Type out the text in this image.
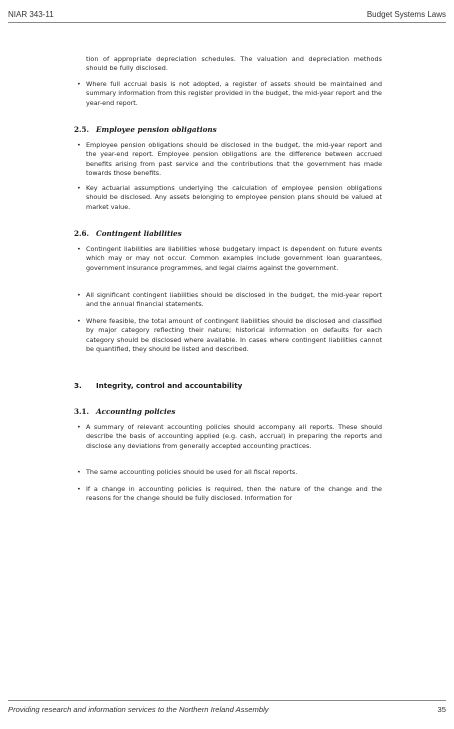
NIAR 343-11	Budget Systems Laws
tion of appropriate depreciation schedules. The valuation and depreciation methods should be fully disclosed.
• Where full accrual basis is not adopted, a register of assets should be maintained and summary information from this register provided in the budget, the mid-year report and the year-end report.
2.5. Employee pension obligations
• Employee pension obligations should be disclosed in the budget, the mid-year report and the year-end report. Employee pension obligations are the difference between accrued benefits arising from past service and the contributions that the government has made towards those benefits.
• Key actuarial assumptions underlying the calculation of employee pension obligations should be disclosed. Any assets belonging to employee pension plans should be valued at market value.
2.6. Contingent liabilities
• Contingent liabilities are liabilities whose budgetary impact is dependent on future events which may or may not occur. Common examples include government loan guarantees, government insurance programmes, and legal claims against the government.
• All significant contingent liabilities should be disclosed in the budget, the mid-year report and the annual financial statements.
• Where feasible, the total amount of contingent liabilities should be disclosed and classified by major category reflecting their nature; historical information on defaults for each category should be disclosed where available. In cases where contingent liabilities cannot be quantified, they should be listed and described.
3. Integrity, control and accountability
3.1. Accounting policies
• A summary of relevant accounting policies should accompany all reports. These should describe the basis of accounting applied (e.g. cash, accrual) in preparing the reports and disclose any deviations from generally accepted accounting practices.
• The same accounting policies should be used for all fiscal reports.
• If a change in accounting policies is required, then the nature of the change and the reasons for the change should be fully disclosed. Information for
Providing research and information services to the Northern Ireland Assembly	35
